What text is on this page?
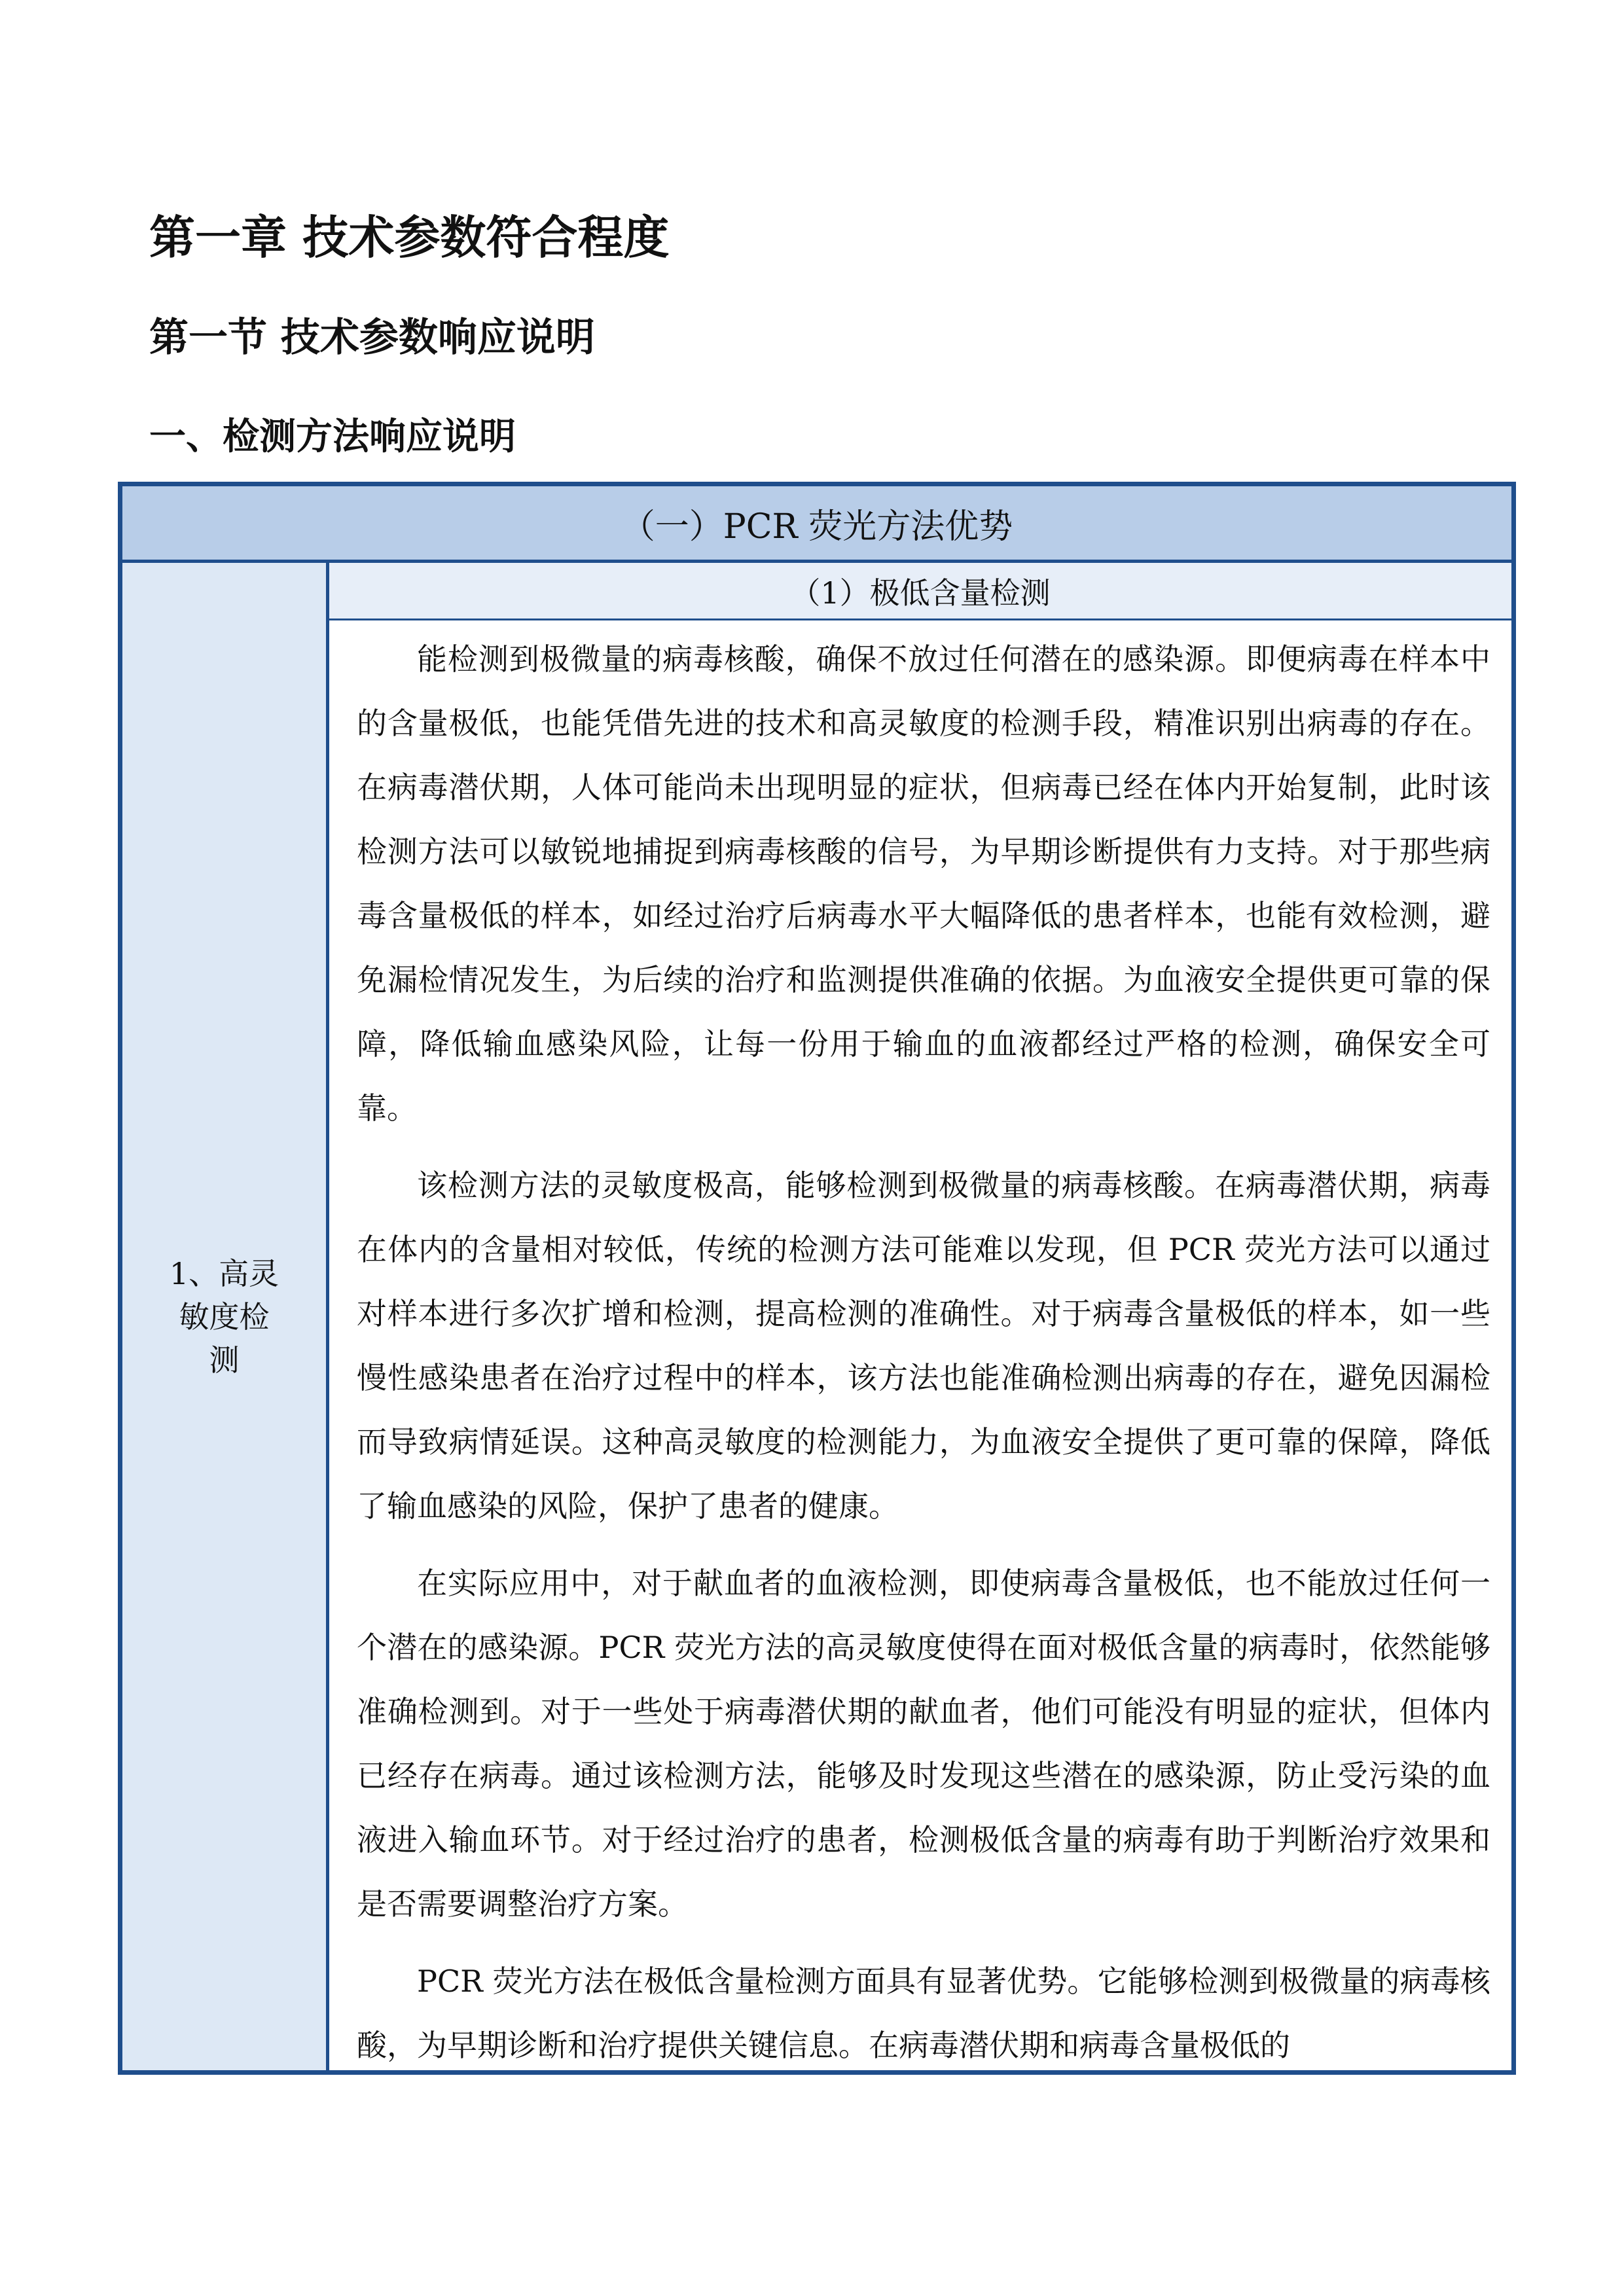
第一章 技术参数符合程度
第一节 技术参数响应说明
一、检测方法响应说明
（一）PCR 荧光方法优势
1、高灵敏度检测
（1）极低含量检测

能检测到极微量的病毒核酸，确保不放过任何潜在的感染源。即便病毒在样本中的含量极低，也能凭借先进的技术和高灵敏度的检测手段，精准识别出病毒的存在。在病毒潜伏期，人体可能尚未出现明显的症状，但病毒已经在体内开始复制，此时该检测方法可以敏锐地捕捉到病毒核酸的信号，为早期诊断提供有力支持。对于那些病毒含量极低的样本，如经过治疗后病毒水平大幅降低的患者样本，也能有效检测，避免漏检情况发生，为后续的治疗和监测提供准确的依据。为血液安全提供更可靠的保障，降低输血感染风险，让每一份用于输血的血液都经过严格的检测，确保安全可靠。

该检测方法的灵敏度极高，能够检测到极微量的病毒核酸。在病毒潜伏期，病毒在体内的含量相对较低，传统的检测方法可能难以发现，但 PCR 荧光方法可以通过对样本进行多次扩增和检测，提高检测的准确性。对于病毒含量极低的样本，如一些慢性感染患者在治疗过程中的样本，该方法也能准确检测出病毒的存在，避免因漏检而导致病情延误。这种高灵敏度的检测能力，为血液安全提供了更可靠的保障，降低了输血感染的风险，保护了患者的健康。

在实际应用中，对于献血者的血液检测，即使病毒含量极低，也不能放过任何一个潜在的感染源。PCR 荧光方法的高灵敏度使得在面对极低含量的病毒时，依然能够准确检测到。对于一些处于病毒潜伏期的献血者，他们可能没有明显的症状，但体内已经存在病毒。通过该检测方法，能够及时发现这些潜在的感染源，防止受污染的血液进入输血环节。对于经过治疗的患者，检测极低含量的病毒有助于判断治疗效果和是否需要调整治疗方案。

PCR 荧光方法在极低含量检测方面具有显著优势。它能够检测到极微量的病毒核酸，为早期诊断和治疗提供关键信息。在病毒潜伏期和病毒含量极低的
